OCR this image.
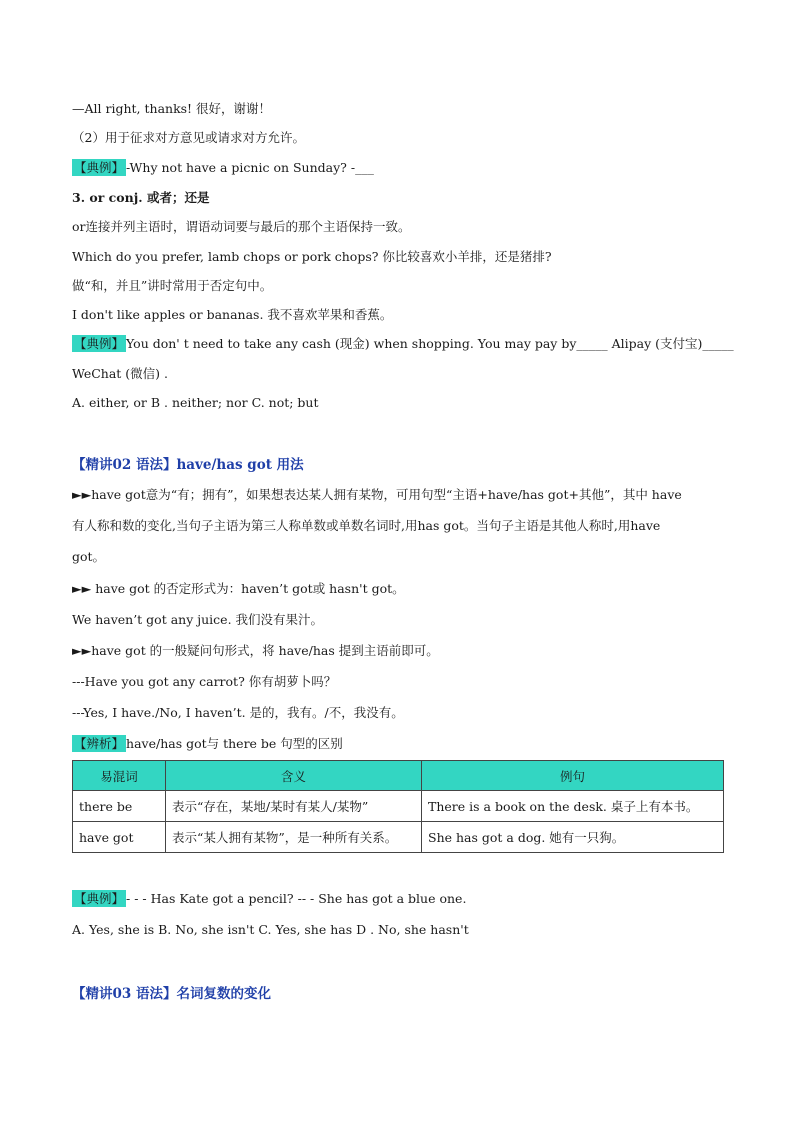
—All right, thanks! 很好，谢谢！
（2）用于征求对方意见或请求对方允许。
【典例】 -Why not have a picnic on Sunday? -___
3. or conj. 或者；还是
or连接并列主语时，谓语动词要与最后的那个主语保持一致。
Which do you prefer, lamb chops or pork chops? 你比较喜欢小羊排，还是猪排?
做“和，并且”讲时常用于否定句中。
I don't like apples or bananas. 我不喜欢苹果和香蕉。
【典例】 You don' t need to take any cash (现金) when shopping. You may pay by_____ Alipay (支付宝)_____
WeChat (微信) .
A. either, or B . neither; nor C. not; but
【精讲02 语法】have/has got 用法
►►have got意为“有；拥有”，如果想表达某人拥有某物，可用句型“主语+have/has got+其他”，其中 have
有人称和数的变化,当句子主语为第三人称单数或单数名词时,用has got。当句子主语是其他人称时,用have
got。
►► have got 的否定形式为：haven’t got或 hasn't got。
We haven’t got any juice. 我们没有果汁。
►►have got 的一般疑问句形式，将 have/has 提到主语前即可。
---Have you got any carrot? 你有胡萝卜吗？
---Yes, I have./No, I haven’t. 是的，我有。/不，我没有。
【辨析】 have/has got与 there be 句型的区别
易混词	含义	例句
there be	表示“存在，某地/某时有某人/某物”	There is a book on the desk. 桌子上有本书。
have got	表示“某人拥有某物”，是一种所有关系。	She has got a dog. 她有一只狗。
【典例】 - - - Has Kate got a pencil? -- - She has got a blue one.
A. Yes, she is B. No, she isn't C. Yes, she has D . No, she hasn't
【精讲03 语法】名词复数的变化
